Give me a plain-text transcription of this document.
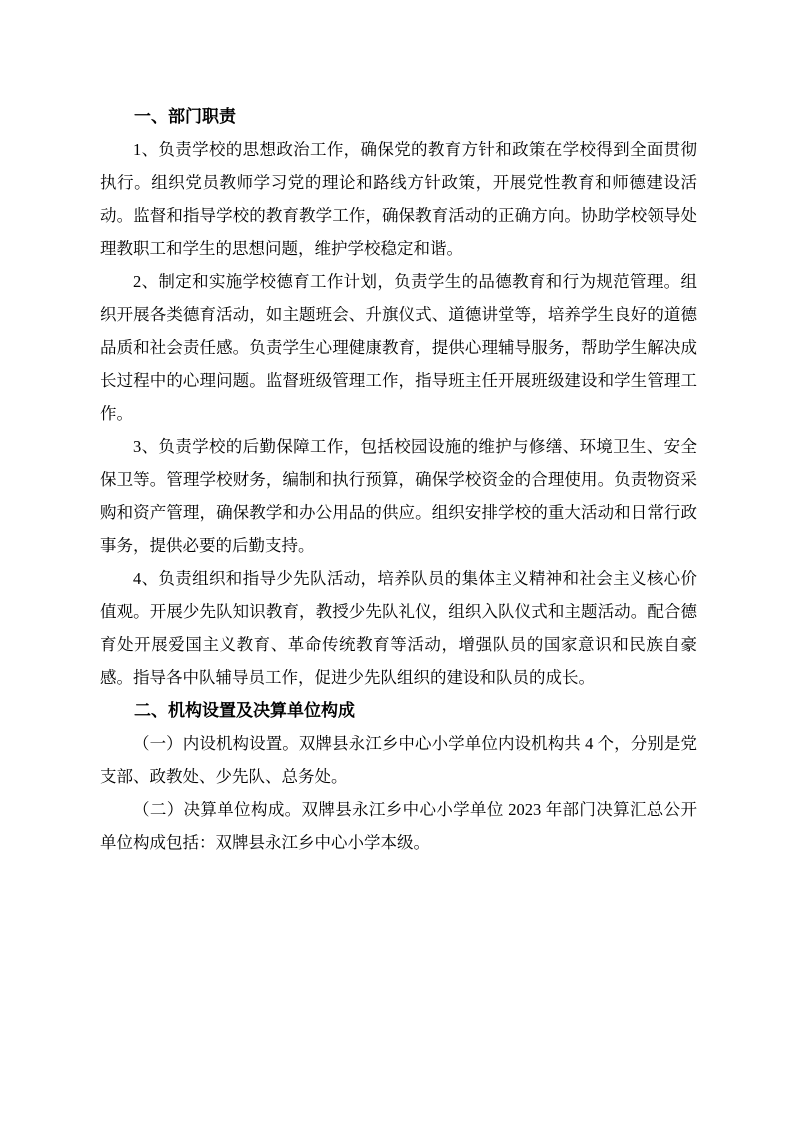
一、部门职责

1、负责学校的思想政治工作，确保党的教育方针和政策在学校得到全面贯彻执行。组织党员教师学习党的理论和路线方针政策，开展党性教育和师德建设活动。监督和指导学校的教育教学工作，确保教育活动的正确方向。协助学校领导处理教职工和学生的思想问题，维护学校稳定和谐。

2、制定和实施学校德育工作计划，负责学生的品德教育和行为规范管理。组织开展各类德育活动，如主题班会、升旗仪式、道德讲堂等，培养学生良好的道德品质和社会责任感。负责学生心理健康教育，提供心理辅导服务，帮助学生解决成长过程中的心理问题。监督班级管理工作，指导班主任开展班级建设和学生管理工作。

3、负责学校的后勤保障工作，包括校园设施的维护与修缮、环境卫生、安全保卫等。管理学校财务，编制和执行预算，确保学校资金的合理使用。负责物资采购和资产管理，确保教学和办公用品的供应。组织安排学校的重大活动和日常行政事务，提供必要的后勤支持。

4、负责组织和指导少先队活动，培养队员的集体主义精神和社会主义核心价值观。开展少先队知识教育，教授少先队礼仪，组织入队仪式和主题活动。配合德育处开展爱国主义教育、革命传统教育等活动，增强队员的国家意识和民族自豪感。指导各中队辅导员工作，促进少先队组织的建设和队员的成长。

二、机构设置及决算单位构成

（一）内设机构设置。双牌县永江乡中心小学单位内设机构共 4 个，分别是党支部、政教处、少先队、总务处。

（二）决算单位构成。双牌县永江乡中心小学单位 2023 年部门决算汇总公开单位构成包括：双牌县永江乡中心小学本级。
